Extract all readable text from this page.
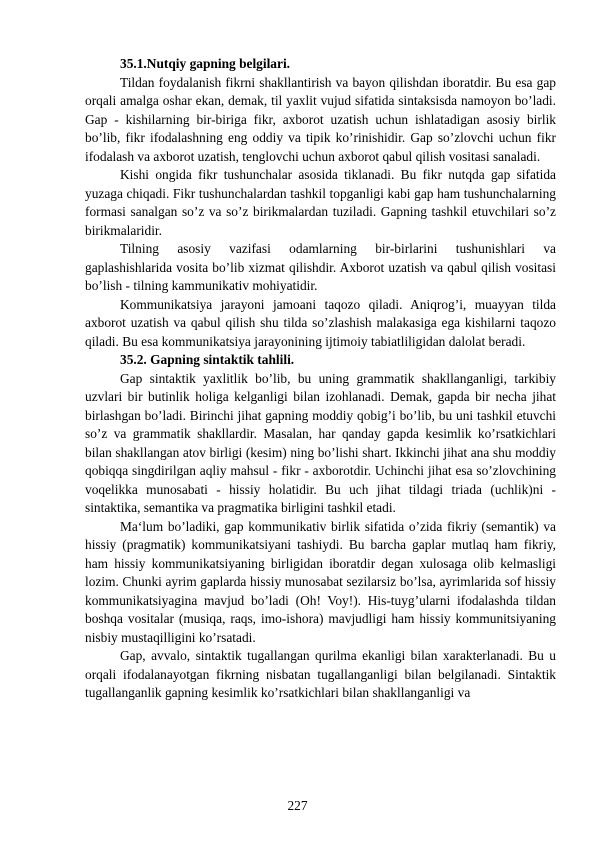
35.1.Nutqiy gapning belgilari.

Tildan foydalanish fikrni shakllantirish va bayon qilishdan iboratdir. Bu esa gap orqali amalga oshar ekan, demak, til yaxlit vujud sifatida sintaksisda namoyon bo’ladi. Gap - kishilarning bir-biriga fikr, axborot uzatish uchun ishlatadigan asosiy birlik bo’lib, fikr ifodalashning eng oddiy va tipik ko’rinishidir. Gap so’zlovchi uchun fikr ifodalash va axborot uzatish, tenglovchi uchun axborot qabul qilish vositasi sanaladi.

Kishi ongida fikr tushunchalar asosida tiklanadi. Bu fikr nutqda gap sifatida yuzaga chiqadi. Fikr tushunchalardan tashkil topganligi kabi gap ham tushunchalarning formasi sanalgan so’z va so’z birikmalardan tuziladi. Gapning tashkil etuvchilari so’z birikmalaridir.

Tilning asosiy vazifasi odamlarning bir-birlarini tushunishlari va gaplashishlarida vosita bo’lib xizmat qilishdir. Axborot uzatish va qabul qilish vositasi bo’lish - tilning kammunikativ mohiyatidir.

Kommunikatsiya jarayoni jamoani taqozo qiladi. Aniqrog’i, muayyan tilda axborot uzatish va qabul qilish shu tilda so’zlashish malakasiga ega kishilarni taqozo qiladi. Bu esa kommunikatsiya jarayonining ijtimoiy tabiatliligidan dalolat beradi.

35.2. Gapning sintaktik tahlili.

Gap sintaktik yaxlitlik bo’lib, bu uning grammatik shakllanganligi, tarkibiy uzvlari bir butinlik holiga kelganligi bilan izohlanadi. Demak, gapda bir necha jihat birlashgan bo’ladi. Birinchi jihat gapning moddiy qobig’i bo’lib, bu uni tashkil etuvchi so’z va grammatik shakllardir. Masalan, har qanday gapda kesimlik ko’rsatkichlari bilan shakllangan atov birligi (kesim) ning bo’lishi shart. Ikkinchi jihat ana shu moddiy qobiqqa singdirilgan aqliy mahsul - fikr - axborotdir. Uchinchi jihat esa so’zlovchining voqelikka munosabati - hissiy holatidir. Bu uch jihat tildagi triada (uchlik)ni - sintaktika, semantika va pragmatika birligini tashkil etadi.

Ma‘lum bo’ladiki, gap kommunikativ birlik sifatida o’zida fikriy (semantik) va hissiy (pragmatik) kommunikatsiyani tashiydi. Bu barcha gaplar mutlaq ham fikriy, ham hissiy kommunikatsiyaning birligidan iboratdir degan xulosaga olib kelmasligi lozim. Chunki ayrim gaplarda hissiy munosabat sezilarsiz bo’lsa, ayrimlarida sof hissiy kommunikatsiyagina mavjud bo’ladi (Oh! Voy!). His-tuyg’ularni ifodalashda tildan boshqa vositalar (musiqa, raqs, imo-ishora) mavjudligi ham hissiy kommunitsiyaning nisbiy mustaqilligini ko’rsatadi.

Gap, avvalo, sintaktik tugallangan qurilma ekanligi bilan xarakterlanadi. Bu u orqali ifodalanayotgan fikrning nisbatan tugallanganligi bilan belgilanadi. Sintaktik tugallanganlik gapning kesimlik ko’rsatkichlari bilan shakllanganligi va

227
